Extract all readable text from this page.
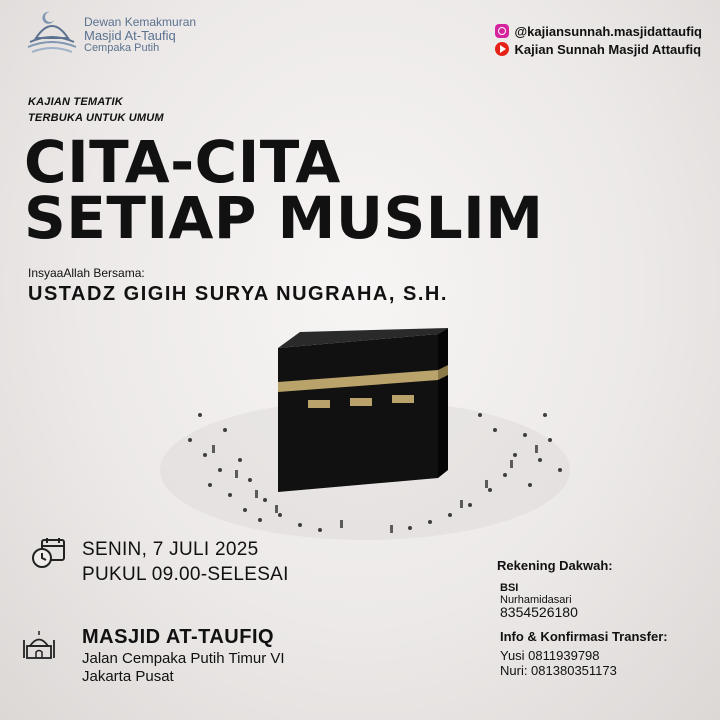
Dewan Kemakmuran
Masjid At-Taufiq
Cempaka Putih
@kajiansunnah.masjidattaufiq
Kajian Sunnah Masjid Attaufiq
KAJIAN TEMATIK
TERBUKA UNTUK UMUM
CITA-CITA
SETIAP MUSLIM
InsyaaAllah Bersama:
USTADZ GIGIH SURYA NUGRAHA, S.H.
SENIN, 7 JULI 2025
PUKUL 09.00-SELESAI
MASJID AT-TAUFIQ
Jalan Cempaka Putih Timur VI
Jakarta Pusat
Rekening Dakwah:
BSI
Nurhamidasari
8354526180
Info & Konfirmasi Transfer:
Yusi 0811939798
Nuri: 081380351173
